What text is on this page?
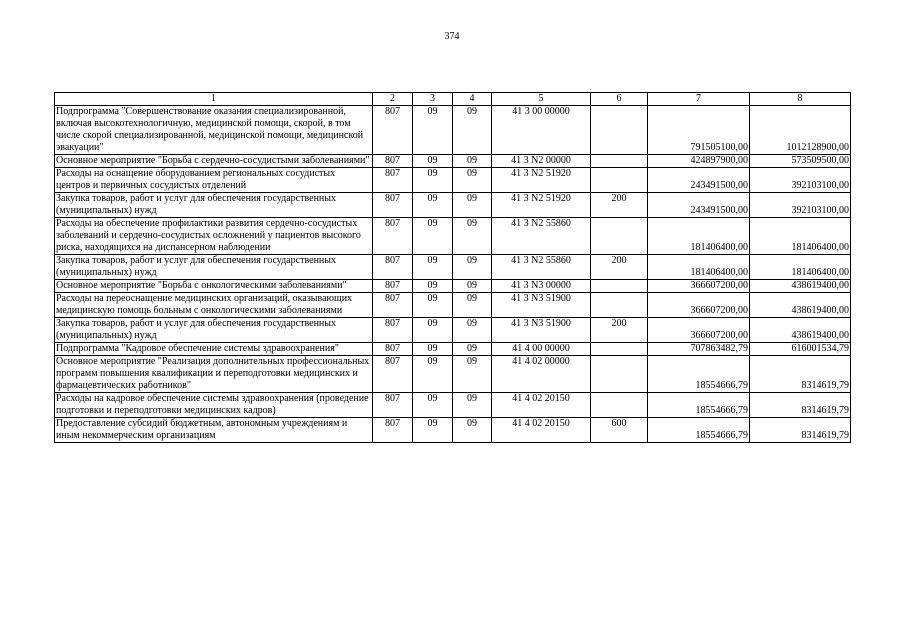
374
1	2	3	4	5	6	7	8
Подпрограмма "Совершенствование оказания специализированной, включая высокотехнологичную, медицинской помощи, скорой, в том числе скорой специализированной, медицинской помощи, медицинской эвакуации"	807	09	09	41 3 00 00000		791505100,00	1012128900,00
Основное мероприятие "Борьба с сердечно-сосудистыми заболеваниями"	807	09	09	41 3 N2 00000		424897900,00	573509500,00
Расходы на оснащение оборудованием региональных сосудистых центров и первичных сосудистых отделений	807	09	09	41 3 N2 51920		243491500,00	392103100,00
Закупка товаров, работ и услуг для обеспечения государственных (муниципальных) нужд	807	09	09	41 3 N2 51920	200	243491500,00	392103100,00
Расходы на обеспечение профилактики развития сердечно-сосудистых заболеваний и сердечно-сосудистых осложнений у пациентов высокого риска, находящихся на диспансерном наблюдении	807	09	09	41 3 N2 55860		181406400,00	181406400,00
Закупка товаров, работ и услуг для обеспечения государственных (муниципальных) нужд	807	09	09	41 3 N2 55860	200	181406400,00	181406400,00
Основное мероприятие "Борьба с онкологическими заболеваниями"	807	09	09	41 3 N3 00000		366607200,00	438619400,00
Расходы на переоснащение медицинских организаций, оказывающих медицинскую помощь больным с онкологическими заболеваниями	807	09	09	41 3 N3 51900		366607200,00	438619400,00
Закупка товаров, работ и услуг для обеспечения государственных (муниципальных) нужд	807	09	09	41 3 N3 51900	200	366607200,00	438619400,00
Подпрограмма "Кадровое обеспечение системы здравоохранения"	807	09	09	41 4 00 00000		707863482,79	616001534,79
Основное мероприятие "Реализация дополнительных профессиональных программ повышения квалификации и переподготовки медицинских и фармацевтических работников"	807	09	09	41 4 02 00000		18554666,79	8314619,79
Расходы на кадровое обеспечение системы здравоохранения (проведение подготовки и переподготовки медицинских кадров)	807	09	09	41 4 02 20150		18554666,79	8314619,79
Предоставление субсидий бюджетным, автономным учреждениям и иным некоммерческим организациям	807	09	09	41 4 02 20150	600	18554666,79	8314619,79
